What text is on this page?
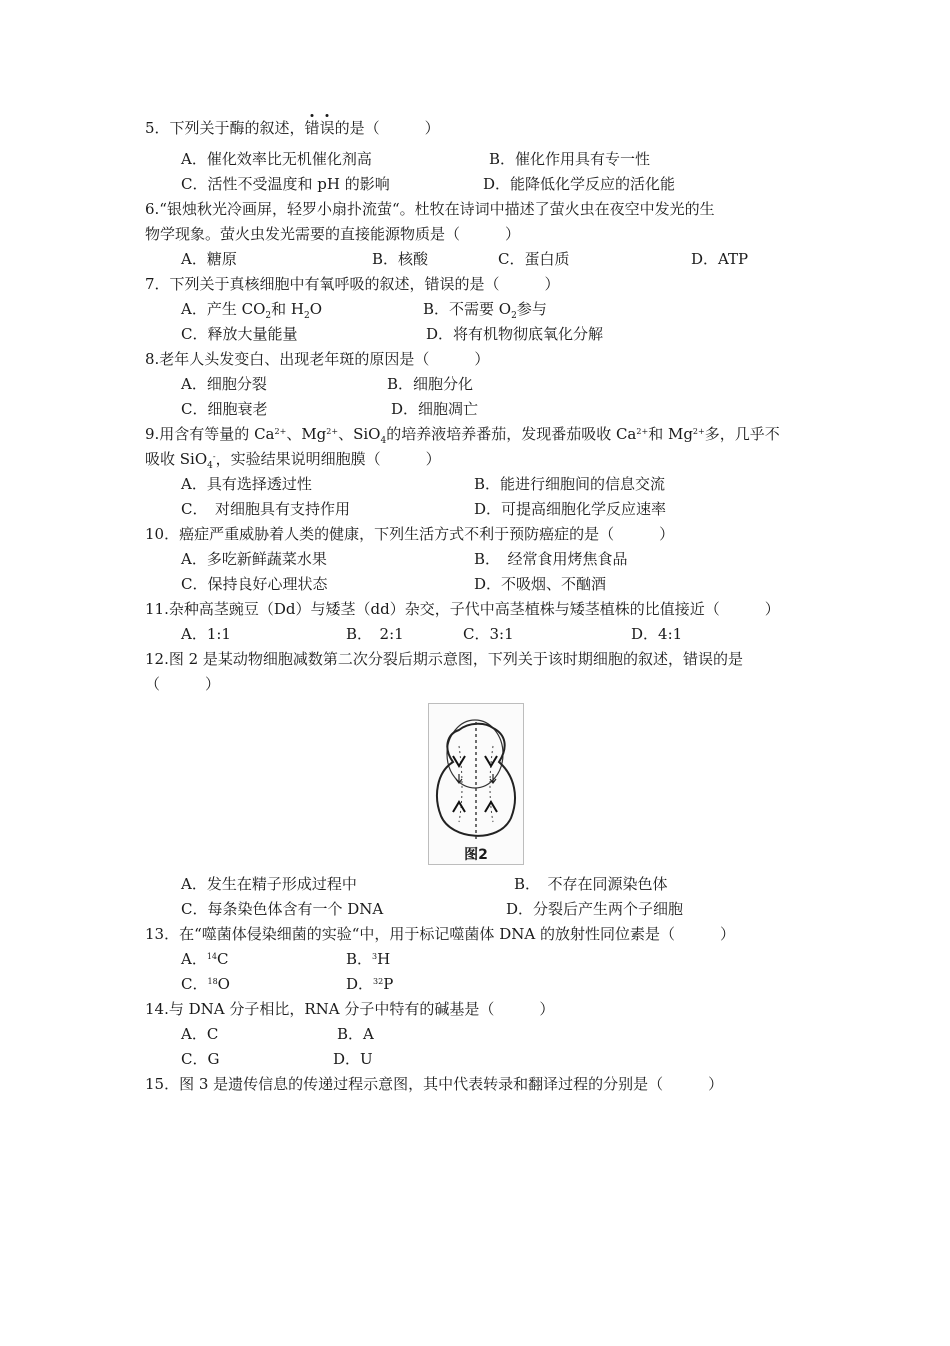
5．下列关于酶的叙述，错误的是（　　　）
A．催化效率比无机催化剂高	B．催化作用具有专一性
C．活性不受温度和 pH 的影响	D．能降低化学反应的活化能
6.“银烛秋光冷画屏，轻罗小扇扑流萤“。杜牧在诗词中描述了萤火虫在夜空中发光的生
物学现象。萤火虫发光需要的直接能源物质是（　　　）
A．糖原	B．核酸	C．蛋白质	D．ATP
7．下列关于真核细胞中有氧呼吸的叙述，错误的是（　　　）
A．产生 $CO_2$和 $H_2O$	B．不需要 $O_2$参与
C．释放大量能量	D．将有机物彻底氧化分解
8.老年人头发变白、出现老年斑的原因是（　　　）
A．细胞分裂	B．细胞分化
C．细胞衰老	D．细胞凋亡
9.用含有等量的 $Ca^{2+}$、$Mg^{2+}$、SiO$_4$的培养液培养番茄，发现番茄吸收 $Ca^{2+}$和 $Mg^{2+}$多，几乎不
吸收 SiO$_4$-，实验结果说明细胞膜（　　　）
A．具有选择透过性	B．能进行细胞间的信息交流
C．　对细胞具有支持作用	D．可提高细胞化学反应速率
10．癌症严重威胁着人类的健康，下列生活方式不利于预防癌症的是（　　　）
A．多吃新鲜蔬菜水果	B．　经常食用烤焦食品
C．保持良好心理状态	D．不吸烟、不酗酒
11.杂种高茎豌豆（Dd）与矮茎（dd）杂交，子代中高茎植株与矮茎植株的比值接近（　　　）
A．1:1	B．　2:1	C．3:1	D．4:1
12.图 2 是某动物细胞减数第二次分裂后期示意图，下列关于该时期细胞的叙述，错误的是
（　　　）
图2
A．发生在精子形成过程中	B．　不存在同源染色体
C．每条染色体含有一个 DNA	D．分裂后产生两个子细胞
13．在“噬菌体侵染细菌的实验“中，用于标记噬菌体 DNA 的放射性同位素是（　　　）
A．$^{14}$C	B．$^3$H
C．$^{18}$O	D．$^{32}$P
14.与 DNA 分子相比，RNA 分子中特有的碱基是（　　　）
A．C	B．A
C．G	D．U
15．图 3 是遗传信息的传递过程示意图，其中代表转录和翻译过程的分别是（　　　）
